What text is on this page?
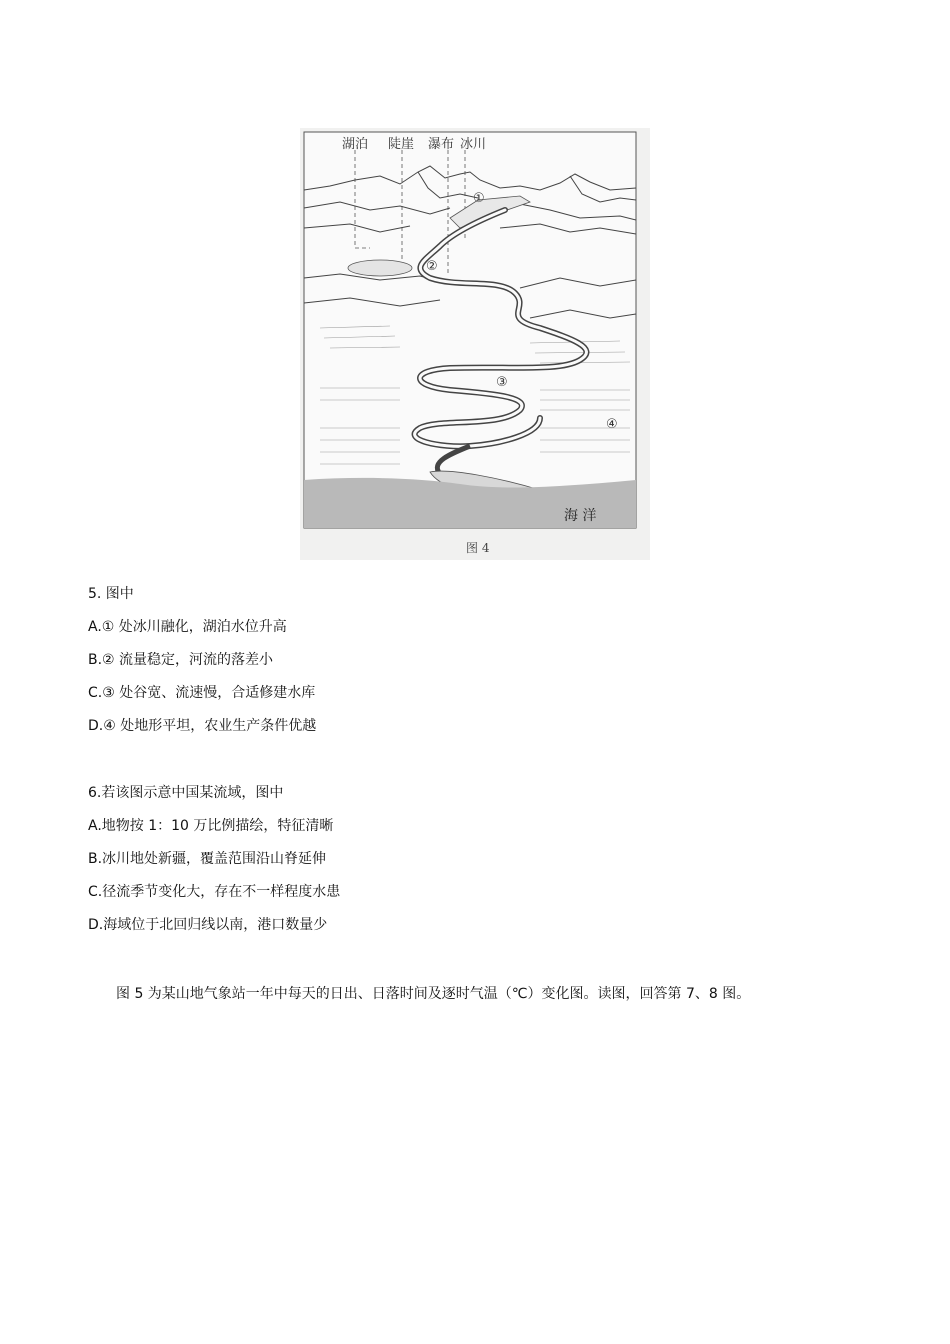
湖泊 陡崖 瀑布 冰川
①
②
③
④
海 洋
图 4
5. 图中
A.① 处冰川融化，湖泊水位升高
B.② 流量稳定，河流的落差小
C.③ 处谷宽、流速慢，合适修建水库
D.④ 处地形平坦，农业生产条件优越
6.若该图示意中国某流域，图中
A.地物按 1：10 万比例描绘，特征清晰
B.冰川地处新疆，覆盖范围沿山脊延伸
C.径流季节变化大，存在不一样程度水患
D.海域位于北回归线以南，港口数量少
图 5 为某山地气象站一年中每天的日出、日落时间及逐时气温（℃）变化图。读图，回答第 7、8 图。
